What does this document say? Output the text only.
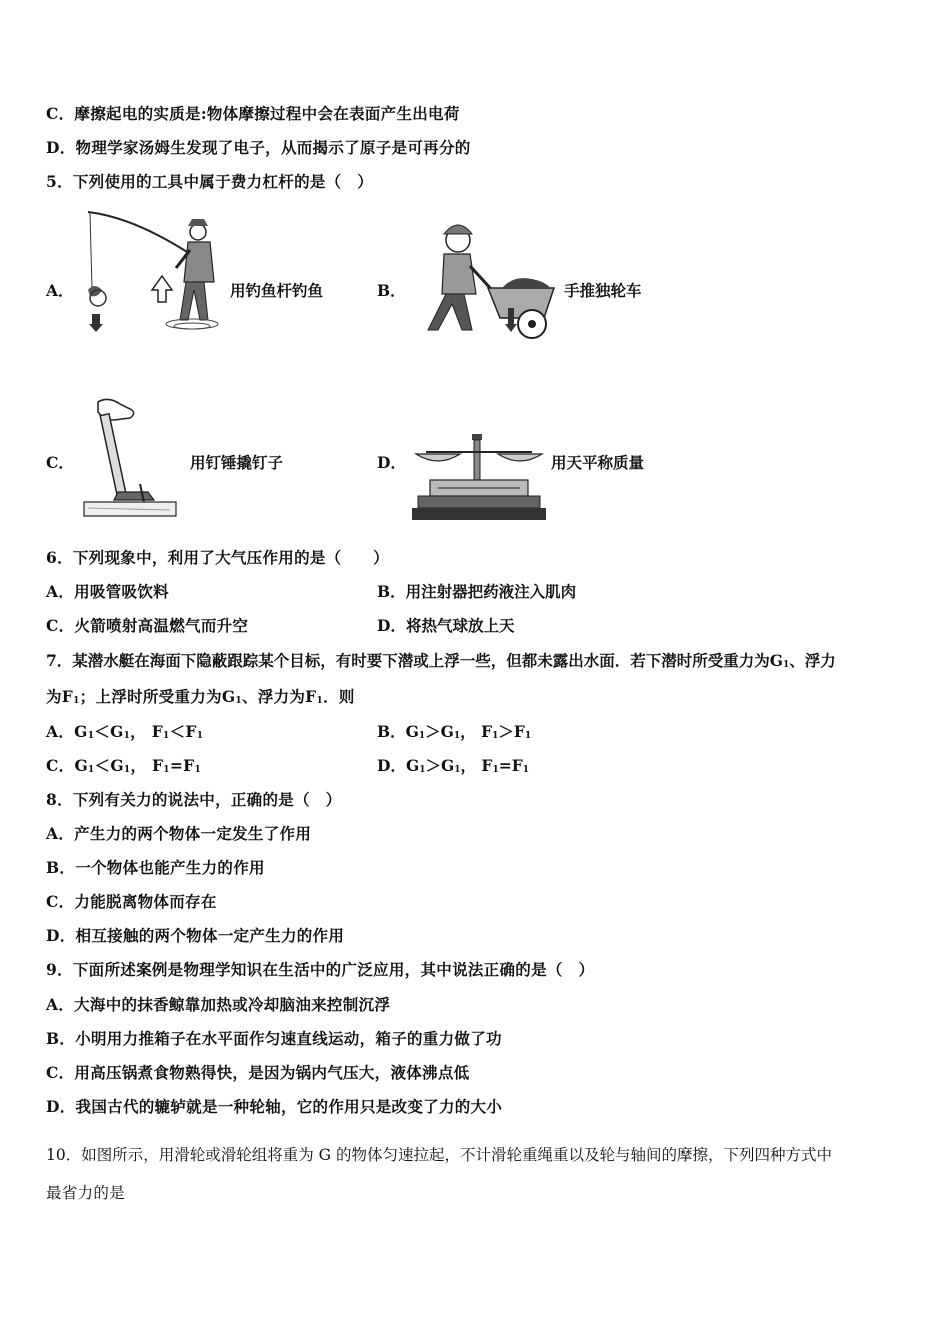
C．摩擦起电的实质是:物体摩擦过程中会在表面产生出电荷
D．物理学家汤姆生发现了电子，从而揭示了原子是可再分的
5．下列使用的工具中属于费力杠杆的是（　）
A．	用钓鱼杆钓鱼	B．	手推独轮车
C．	用钉锤撬钉子	D．	用天平称质量
6．下列现象中，利用了大气压作用的是（　　）
A．用吸管吸饮料	B．用注射器把药液注入肌肉
C．火箭喷射高温燃气而升空	D．将热气球放上天
7．某潜水艇在海面下隐蔽跟踪某个目标，有时要下潜或上浮一些，但都未露出水面．若下潜时所受重力为$G_1$、浮力
为$F_1$；上浮时所受重力为$G_1$、浮力为$F_1$．则
A．$G_1<G_1$， $F_1<F_1$	B．$G_1>G_1$， $F_1>F_1$
C．$G_1<G_1$， $F_1=F_1$	D．$G_1>G_1$， $F_1=F_1$
8．下列有关力的说法中，正确的是（　）
A．产生力的两个物体一定发生了作用
B．一个物体也能产生力的作用
C．力能脱离物体而存在
D．相互接触的两个物体一定产生力的作用
9．下面所述案例是物理学知识在生活中的广泛应用，其中说法正确的是（　）
A．大海中的抹香鲸靠加热或冷却脑油来控制沉浮
B．小明用力推箱子在水平面作匀速直线运动，箱子的重力做了功
C．用高压锅煮食物熟得快，是因为锅内气压大，液体沸点低
D．我国古代的辘轳就是一种轮轴，它的作用只是改变了力的大小
10．如图所示，用滑轮或滑轮组将重为 G 的物体匀速拉起，不计滑轮重绳重以及轮与轴间的摩擦，下列四种方式中
最省力的是
